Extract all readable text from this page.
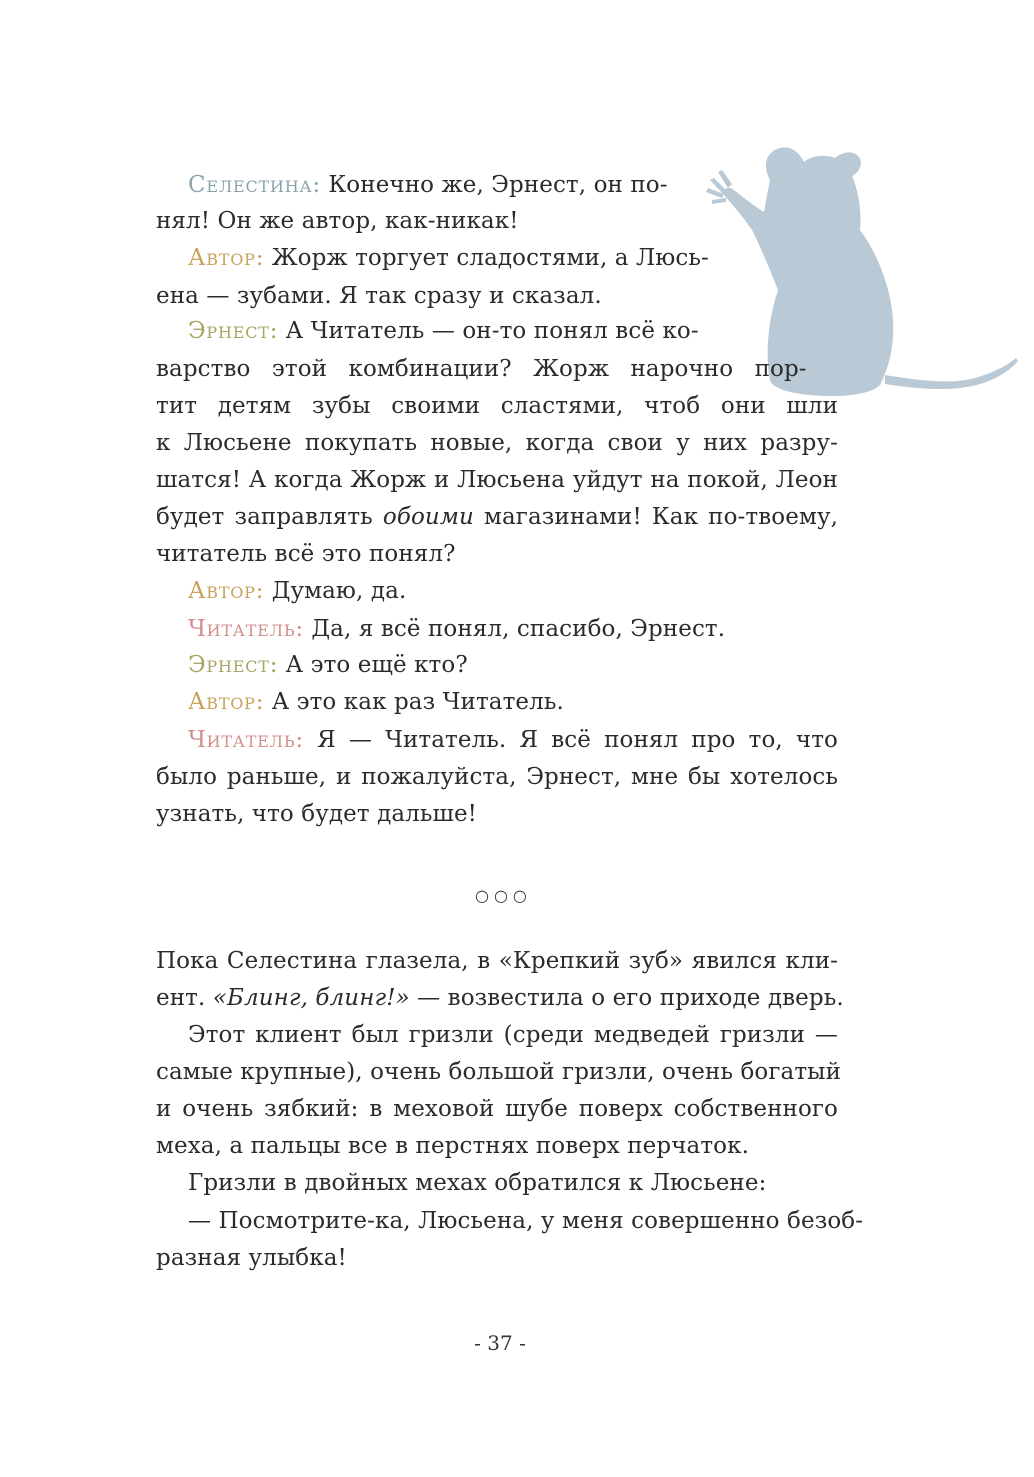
Селестина: Конечно же, Эрнест, он по-
нял! Он же автор, как-никак!
Автор: Жорж торгует сладостями, а Люсь-
ена — зубами. Я так сразу и сказал.
Эрнест: А Читатель — он-то понял всё ко-
варство этой комбинации? Жорж нарочно пор-
тит детям зубы своими сластями, чтоб они шли
к Люсьене покупать новые, когда свои у них разру-
шатся! А когда Жорж и Люсьена уйдут на покой, Леон
будет заправлять обоими магазинами! Как по-твоему,
читатель всё это понял?
Автор: Думаю, да.
Читатель: Да, я всё понял, спасибо, Эрнест.
Эрнест: А это ещё кто?
Автор: А это как раз Читатель.
Читатель: Я — Читатель. Я всё понял про то, что
было раньше, и пожалуйста, Эрнест, мне бы хотелось
узнать, что будет дальше!
○○○
Пока Селестина глазела, в «Крепкий зуб» явился кли-
ент. «Блинг, блинг!» — возвестила о его приходе дверь.
Этот клиент был гризли (среди медведей гризли —
самые крупные), очень большой гризли, очень богатый
и очень зябкий: в меховой шубе поверх собственного
меха, а пальцы все в перстнях поверх перчаток.
Гризли в двойных мехах обратился к Люсьене:
— Посмотрите-ка, Люсьена, у меня совершенно безоб-
разная улыбка!
- 37 -
